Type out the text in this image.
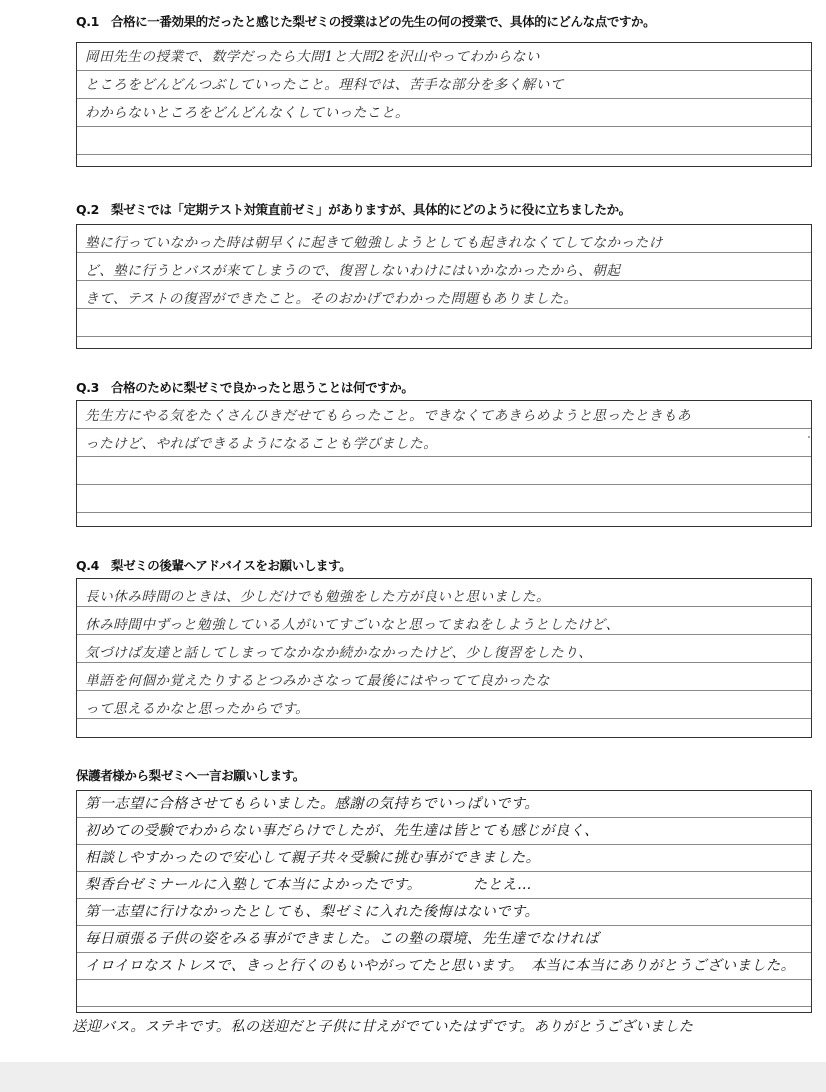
Q.1　合格に一番効果的だったと感じた梨ゼミの授業はどの先生の何の授業で、具体的にどんな点ですか。
岡田先生の授業で、数学だったら大問1と大問2を沢山やってわからない
ところをどんどんつぶしていったこと。理科では、苦手な部分を多く解いて
わからないところをどんどんなくしていったこと。
Q.2　梨ゼミでは「定期テスト対策直前ゼミ」がありますが、具体的にどのように役に立ちましたか。
塾に行っていなかった時は朝早くに起きて勉強しようとしても起きれなくてしてなかったけ
ど、塾に行うとバスが来てしまうので、復習しないわけにはいかなかったから、朝起
きて、テストの復習ができたこと。そのおかげでわかった問題もありました。
Q.3　合格のために梨ゼミで良かったと思うことは何ですか。
先生方にやる気をたくさんひきだせてもらったこと。できなくてあきらめようと思ったときもあ
ったけど、やればできるようになることも学びました。
Q.4　梨ゼミの後輩へアドバイスをお願いします。
長い休み時間のときは、少しだけでも勉強をした方が良いと思いました。
休み時間中ずっと勉強している人がいてすごいなと思ってまねをしようとしたけど、
気づけば友達と話してしまってなかなか続かなかったけど、少し復習をしたり、
単語を何個か覚えたりするとつみかさなって最後にはやってて良かったな
って思えるかなと思ったからです。
保護者様から梨ゼミへ一言お願いします。
第一志望に合格させてもらいました。感謝の気持ちでいっぱいです。
初めての受験でわからない事だらけでしたが、先生達は皆とても感じが良く、
相談しやすかったので安心して親子共々受験に挑む事ができました。
梨香台ゼミナールに入塾して本当によかったです。　　　　たとえ…
第一志望に行けなかったとしても、梨ゼミに入れた後悔はないです。
毎日頑張る子供の姿をみる事ができました。この塾の環境、先生達でなければ
イロイロなストレスで、きっと行くのもいやがってたと思います。　本当に本当にありがとうございました。
送迎バス。ステキです。私の送迎だと子供に甘えがでていたはずです。ありがとうございました
